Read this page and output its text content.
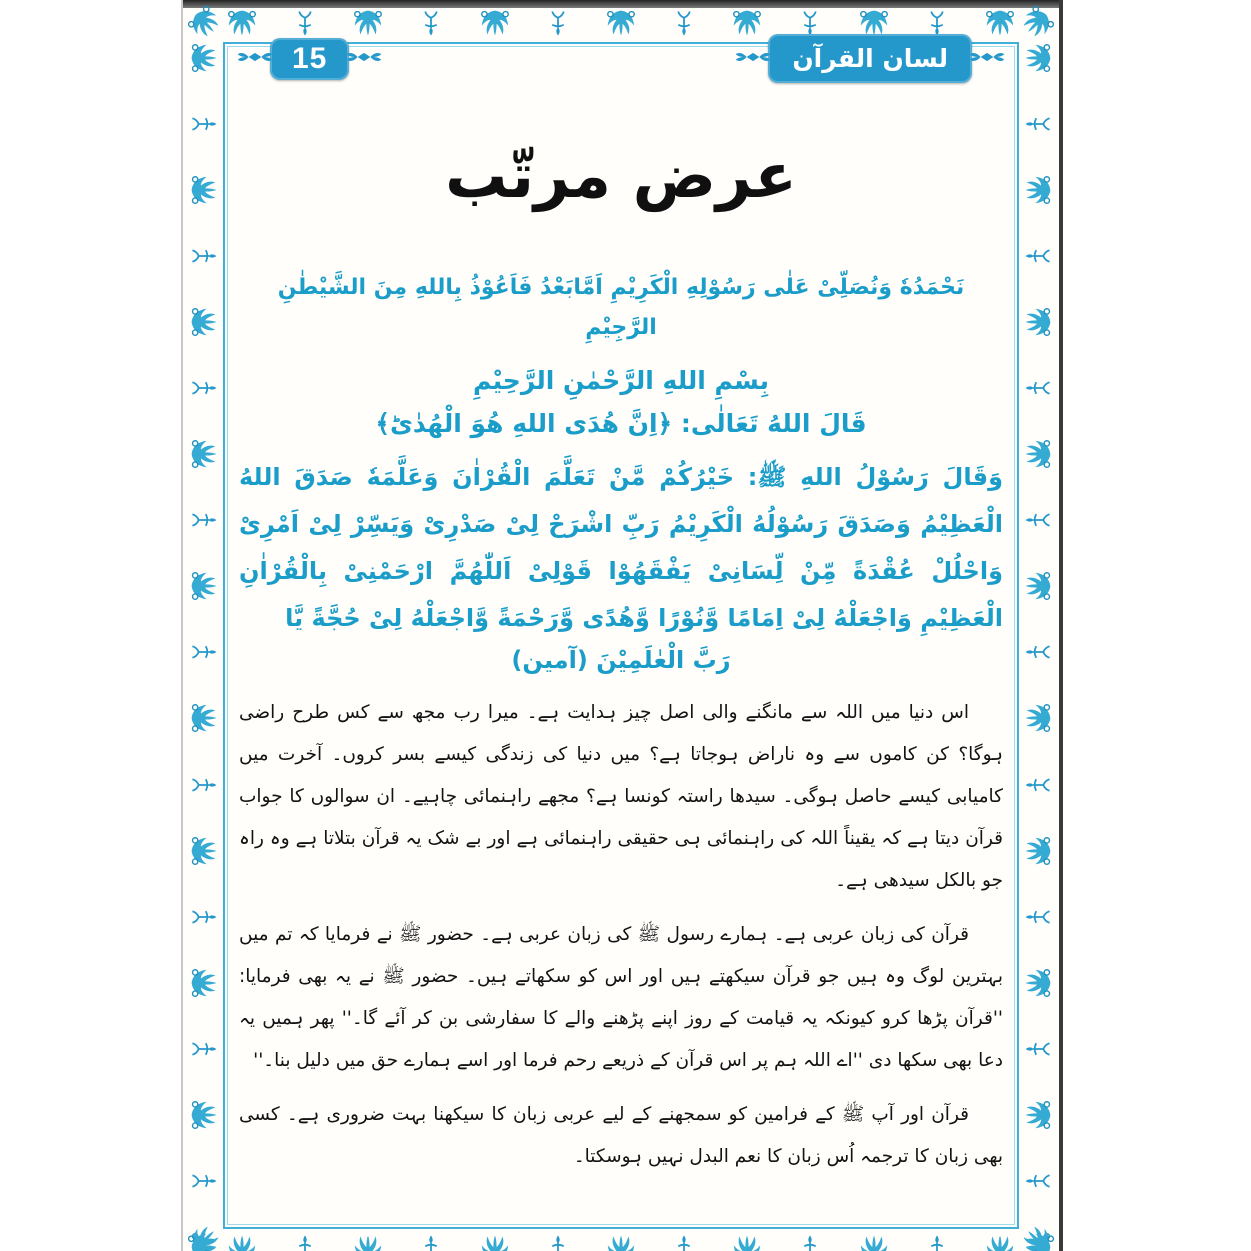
15	لسان القرآن
عرض مرتّب
نَحْمَدُهٗ وَنُصَلِّیْ عَلٰی رَسُوْلِهِ الْکَرِیْمِ اَمَّابَعْدُ فَاَعُوْذُ بِاللهِ مِنَ الشَّیْطٰنِ الرَّجِیْمِ
بِسْمِ اللهِ الرَّحْمٰنِ الرَّحِیْمِ
قَالَ اللهُ تَعَالٰی: ﴿اِنَّ هُدَی اللهِ هُوَ الْهُدٰیؕ﴾
وَقَالَ رَسُوْلُ اللهِ ﷺ: خَیْرُکُمْ مَّنْ تَعَلَّمَ الْقُرْاٰنَ وَعَلَّمَهٗ صَدَقَ اللهُ الْعَظِیْمُ وَصَدَقَ رَسُوْلُهُ الْکَرِیْمُ رَبِّ اشْرَحْ لِیْ صَدْرِیْ وَیَسِّرْ لِیْ اَمْرِیْ وَاحْلُلْ عُقْدَةً مِّنْ لِّسَانِیْ یَفْقَهُوْا قَوْلِیْ اَللّٰهُمَّ ارْحَمْنِیْ بِالْقُرْاٰنِ الْعَظِیْمِ وَاجْعَلْهُ لِیْ اِمَامًا وَّنُوْرًا وَّهُدًی وَّرَحْمَةً وَّاجْعَلْهُ لِیْ حُجَّةً یَّا
رَبَّ الْعٰلَمِیْنَ (آمین)

اس دنیا میں اللہ سے مانگنے والی اصل چیز ہدایت ہے۔ میرا رب مجھ سے کس طرح راضی ہوگا؟ کن کاموں سے وہ ناراض ہوجاتا ہے؟ میں دنیا کی زندگی کیسے بسر کروں۔ آخرت میں کامیابی کیسے حاصل ہوگی۔ سیدھا راستہ کونسا ہے؟ مجھے راہنمائی چاہیے۔ ان سوالوں کا جواب قرآن دیتا ہے کہ یقیناً اللہ کی راہنمائی ہی حقیقی راہنمائی ہے اور بے شک یہ قرآن بتلاتا ہے وہ راہ جو بالکل سیدھی ہے۔

قرآن کی زبان عربی ہے۔ ہمارے رسول ﷺ کی زبان عربی ہے۔ حضور ﷺ نے فرمایا کہ تم میں بہترین لوگ وہ ہیں جو قرآن سیکھتے ہیں اور اس کو سکھاتے ہیں۔ حضور ﷺ نے یہ بھی فرمایا: ''قرآن پڑھا کرو کیونکہ یہ قیامت کے روز اپنے پڑھنے والے کا سفارشی بن کر آئے گا۔'' پھر ہمیں یہ دعا بھی سکھا دی ''اے اللہ ہم پر اس قرآن کے ذریعے رحم فرما اور اسے ہمارے حق میں دلیل بنا۔''

قرآن اور آپ ﷺ کے فرامین کو سمجھنے کے لیے عربی زبان کا سیکھنا بہت ضروری ہے۔ کسی بھی زبان کا ترجمہ اُس زبان کا نعم البدل نہیں ہوسکتا۔
